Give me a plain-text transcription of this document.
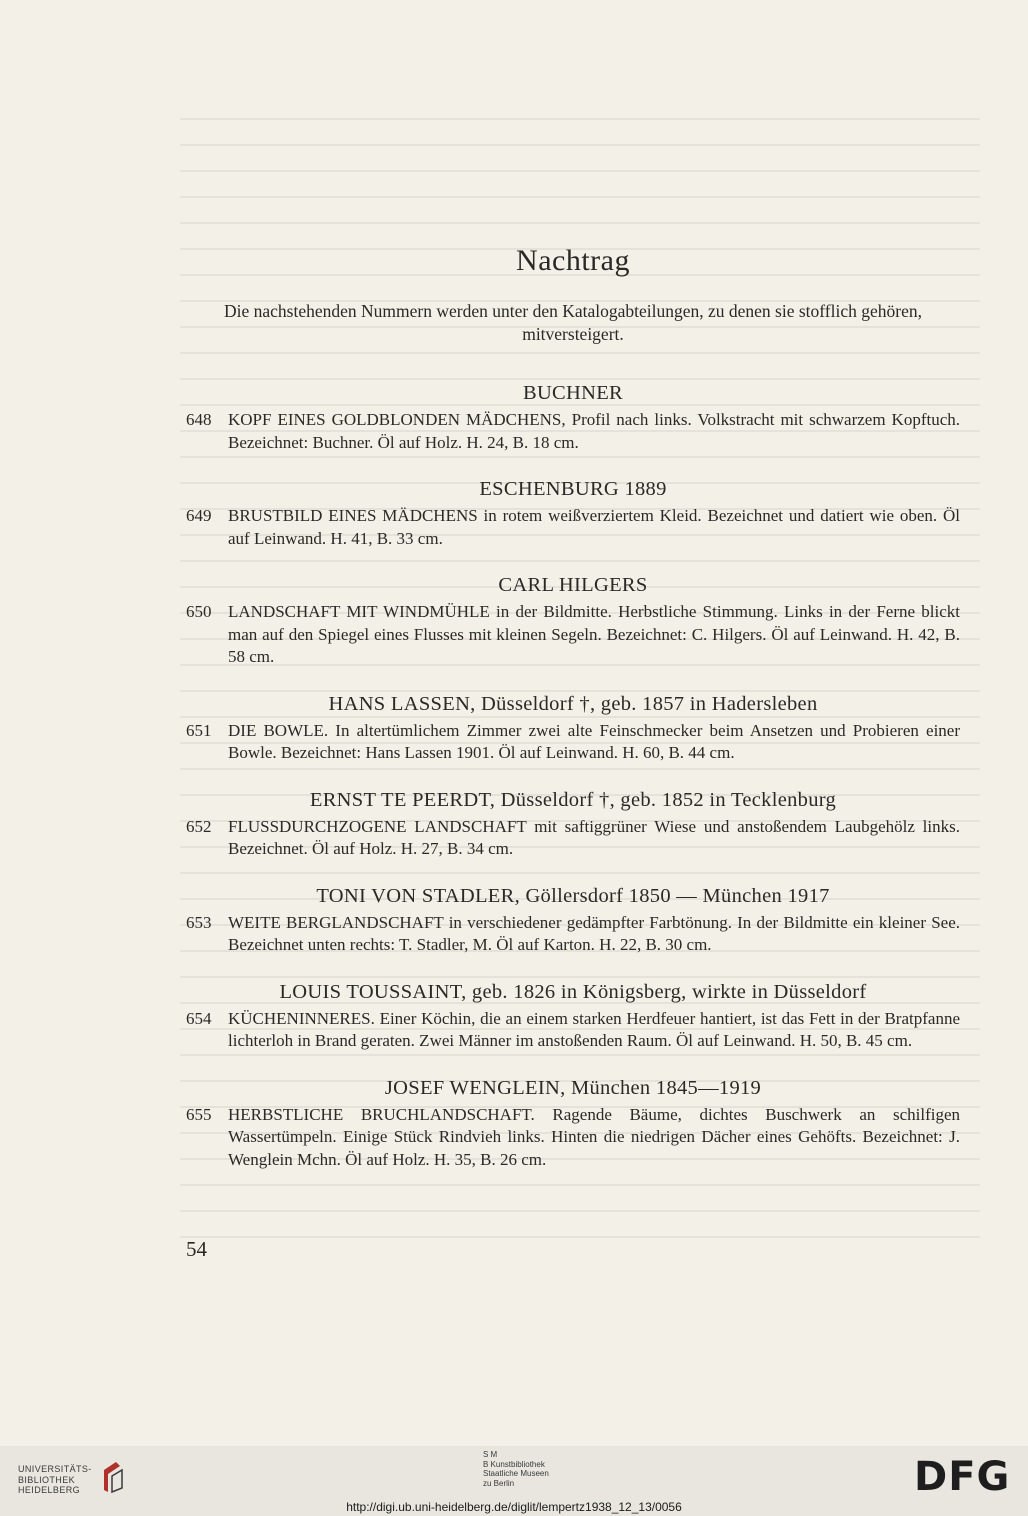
Nachtrag

Die nachstehenden Nummern werden unter den Katalogabteilungen, zu denen sie stofflich gehören, mitversteigert.

BUCHNER
648 KOPF EINES GOLDBLONDEN MÄDCHENS, Profil nach links. Volkstracht mit schwarzem Kopftuch. Bezeichnet: Buchner. Öl auf Holz. H. 24, B. 18 cm.
ESCHENBURG 1889
649 BRUSTBILD EINES MÄDCHENS in rotem weißverziertem Kleid. Bezeichnet und datiert wie oben. Öl auf Leinwand. H. 41, B. 33 cm.
CARL HILGERS
650 LANDSCHAFT MIT WINDMÜHLE in der Bildmitte. Herbstliche Stimmung. Links in der Ferne blickt man auf den Spiegel eines Flusses mit kleinen Segeln. Bezeichnet: C. Hilgers. Öl auf Leinwand. H. 42, B. 58 cm.
HANS LASSEN, Düsseldorf †, geb. 1857 in Hadersleben
651 DIE BOWLE. In altertümlichem Zimmer zwei alte Feinschmecker beim Ansetzen und Probieren einer Bowle. Bezeichnet: Hans Lassen 1901. Öl auf Leinwand. H. 60, B. 44 cm.
ERNST TE PEERDT, Düsseldorf †, geb. 1852 in Tecklenburg
652 FLUSSDURCHZOGENE LANDSCHAFT mit saftiggrüner Wiese und anstoßendem Laubgehölz links. Bezeichnet. Öl auf Holz. H. 27, B. 34 cm.
TONI VON STADLER, Göllersdorf 1850 — München 1917
653 WEITE BERGLANDSCHAFT in verschiedener gedämpfter Farbtönung. In der Bildmitte ein kleiner See. Bezeichnet unten rechts: T. Stadler, M. Öl auf Karton. H. 22, B. 30 cm.
LOUIS TOUSSAINT, geb. 1826 in Königsberg, wirkte in Düsseldorf
654 KÜCHENINNERES. Einer Köchin, die an einem starken Herdfeuer hantiert, ist das Fett in der Bratpfanne lichterloh in Brand geraten. Zwei Männer im anstoßenden Raum. Öl auf Leinwand. H. 50, B. 45 cm.
JOSEF WENGLEIN, München 1845—1919
655 HERBSTLICHE BRUCHLANDSCHAFT. Ragende Bäume, dichtes Buschwerk an schilfigen Wassertümpeln. Einige Stück Rindvieh links. Hinten die niedrigen Dächer eines Gehöfts. Bezeichnet: J. Wenglein Mchn. Öl auf Holz. H. 35, B. 26 cm.
54
UNIVERSITÄTS-
BIBLIOTHEK
HEIDELBERG
S M
B Kunstbibliothek
Staatliche Museen
zu Berlin	DFG
http://digi.ub.uni-heidelberg.de/diglit/lempertz1938_12_13/0056
